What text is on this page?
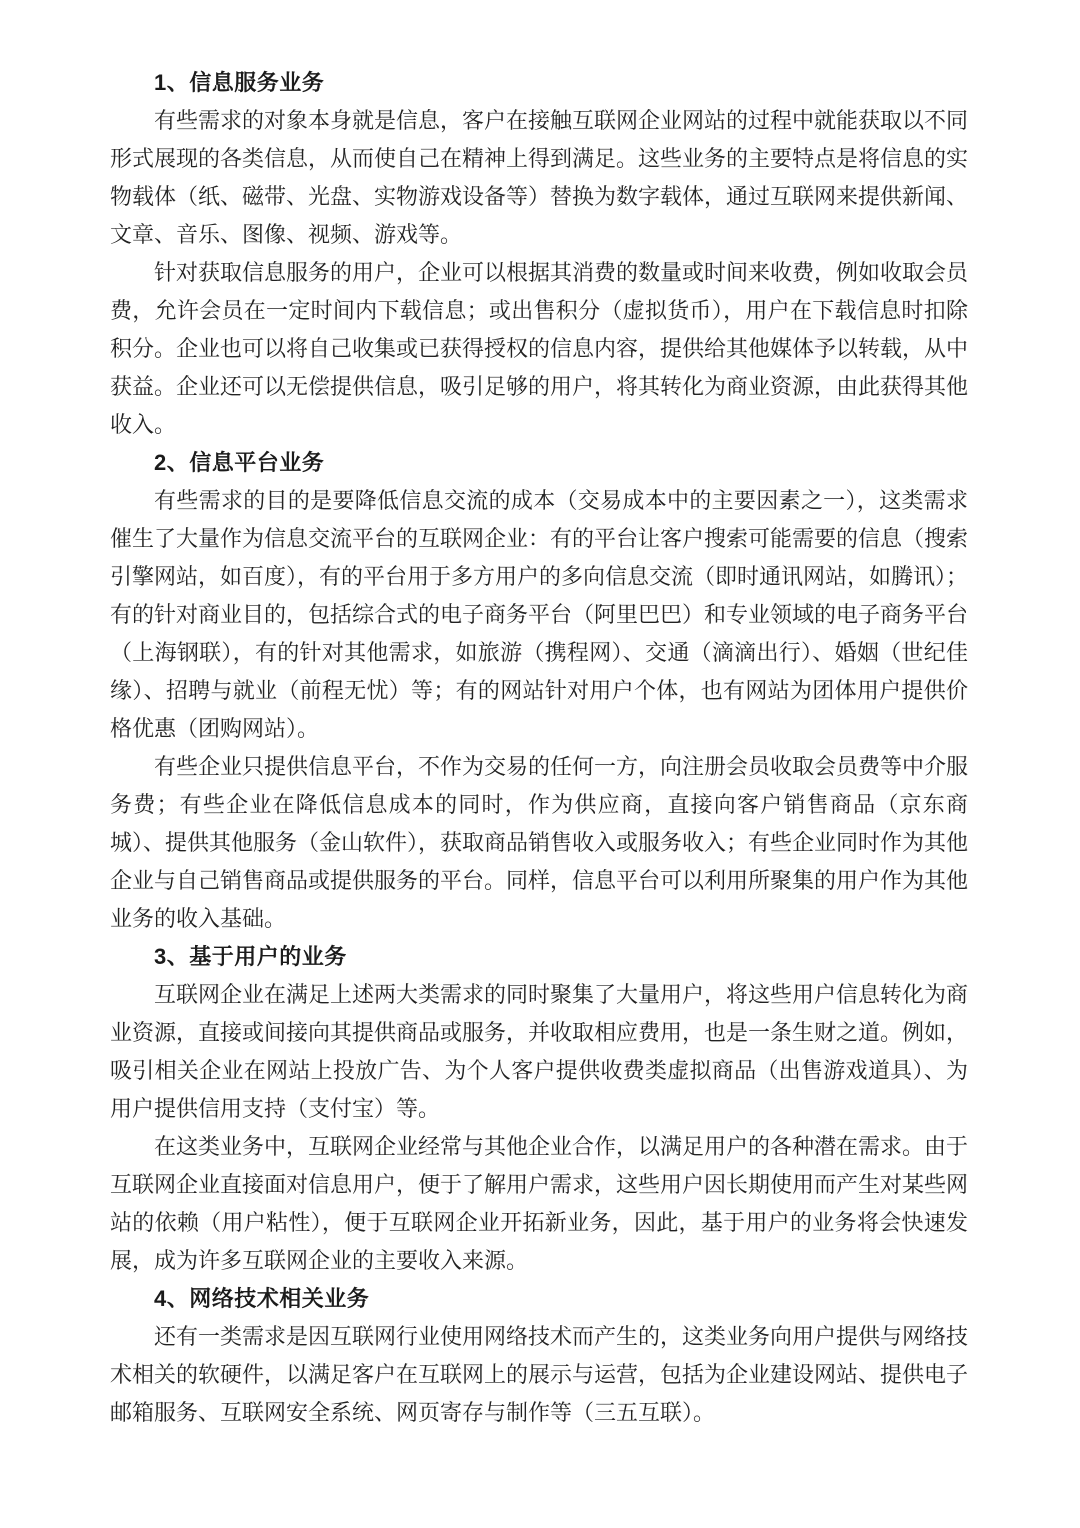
1、信息服务业务

有些需求的对象本身就是信息，客户在接触互联网企业网站的过程中就能获取以不同形式展现的各类信息，从而使自己在精神上得到满足。这些业务的主要特点是将信息的实物载体（纸、磁带、光盘、实物游戏设备等）替换为数字载体，通过互联网来提供新闻、文章、音乐、图像、视频、游戏等。

针对获取信息服务的用户，企业可以根据其消费的数量或时间来收费，例如收取会员费，允许会员在一定时间内下载信息；或出售积分（虚拟货币），用户在下载信息时扣除积分。企业也可以将自己收集或已获得授权的信息内容，提供给其他媒体予以转载，从中获益。企业还可以无偿提供信息，吸引足够的用户，将其转化为商业资源，由此获得其他收入。

2、信息平台业务

有些需求的目的是要降低信息交流的成本（交易成本中的主要因素之一），这类需求催生了大量作为信息交流平台的互联网企业：有的平台让客户搜索可能需要的信息（搜索引擎网站，如百度），有的平台用于多方用户的多向信息交流（即时通讯网站，如腾讯）；有的针对商业目的，包括综合式的电子商务平台（阿里巴巴）和专业领域的电子商务平台（上海钢联），有的针对其他需求，如旅游（携程网）、交通（滴滴出行）、婚姻（世纪佳缘）、招聘与就业（前程无忧）等；有的网站针对用户个体，也有网站为团体用户提供价格优惠（团购网站）。

有些企业只提供信息平台，不作为交易的任何一方，向注册会员收取会员费等中介服务费；有些企业在降低信息成本的同时，作为供应商，直接向客户销售商品（京东商城）、提供其他服务（金山软件），获取商品销售收入或服务收入；有些企业同时作为其他企业与自己销售商品或提供服务的平台。同样，信息平台可以利用所聚集的用户作为其他业务的收入基础。

3、基于用户的业务

互联网企业在满足上述两大类需求的同时聚集了大量用户，将这些用户信息转化为商业资源，直接或间接向其提供商品或服务，并收取相应费用，也是一条生财之道。例如，吸引相关企业在网站上投放广告、为个人客户提供收费类虚拟商品（出售游戏道具）、为用户提供信用支持（支付宝）等。

在这类业务中，互联网企业经常与其他企业合作，以满足用户的各种潜在需求。由于互联网企业直接面对信息用户，便于了解用户需求，这些用户因长期使用而产生对某些网站的依赖（用户粘性），便于互联网企业开拓新业务，因此，基于用户的业务将会快速发展，成为许多互联网企业的主要收入来源。

4、网络技术相关业务

还有一类需求是因互联网行业使用网络技术而产生的，这类业务向用户提供与网络技术相关的软硬件，以满足客户在互联网上的展示与运营，包括为企业建设网站、提供电子邮箱服务、互联网安全系统、网页寄存与制作等（三五互联）。
